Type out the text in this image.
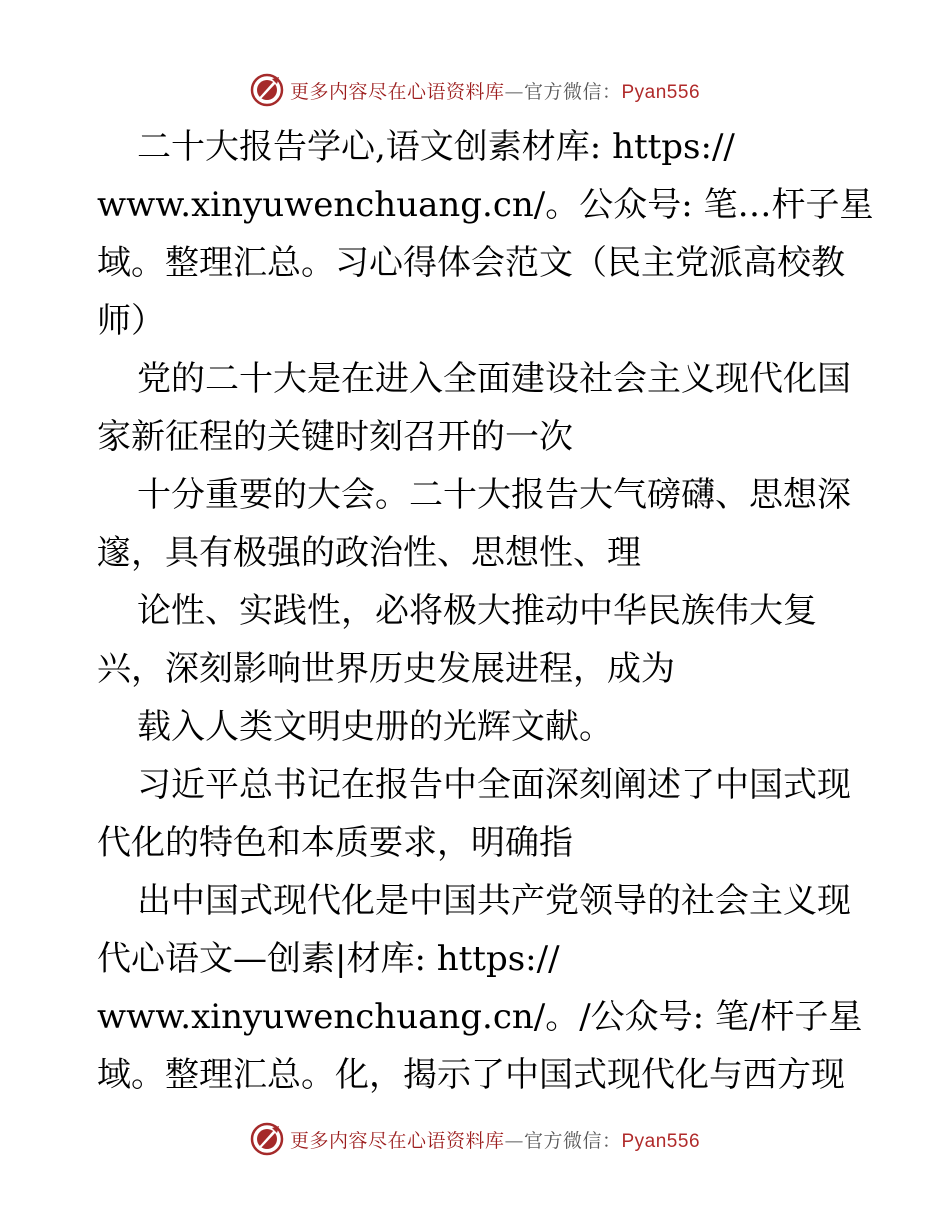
更多内容尽在心语资料库—官方微信：Pyan556
二十大报告学心,语文创素材库: https://
www.xinyuwenchuang.cn/。公众号: 笔…杆子星
域。整理汇总。习心得体会范文（民主党派高校教
师）
党的二十大是在进入全面建设社会主义现代化国
家新征程的关键时刻召开的一次
十分重要的大会。二十大报告大气磅礴、思想深
邃，具有极强的政治性、思想性、理
论性、实践性，必将极大推动中华民族伟大复
兴，深刻影响世界历史发展进程，成为
载入人类文明史册的光辉文献。
习近平总书记在报告中全面深刻阐述了中国式现
代化的特色和本质要求，明确指
出中国式现代化是中国共产党领导的社会主义现
代心语文—创素|材库: https://
www.xinyuwenchuang.cn/。/公众号: 笔/杆子星
域。整理汇总。化，揭示了中国式现代化与西方现
更多内容尽在心语资料库—官方微信：Pyan556
